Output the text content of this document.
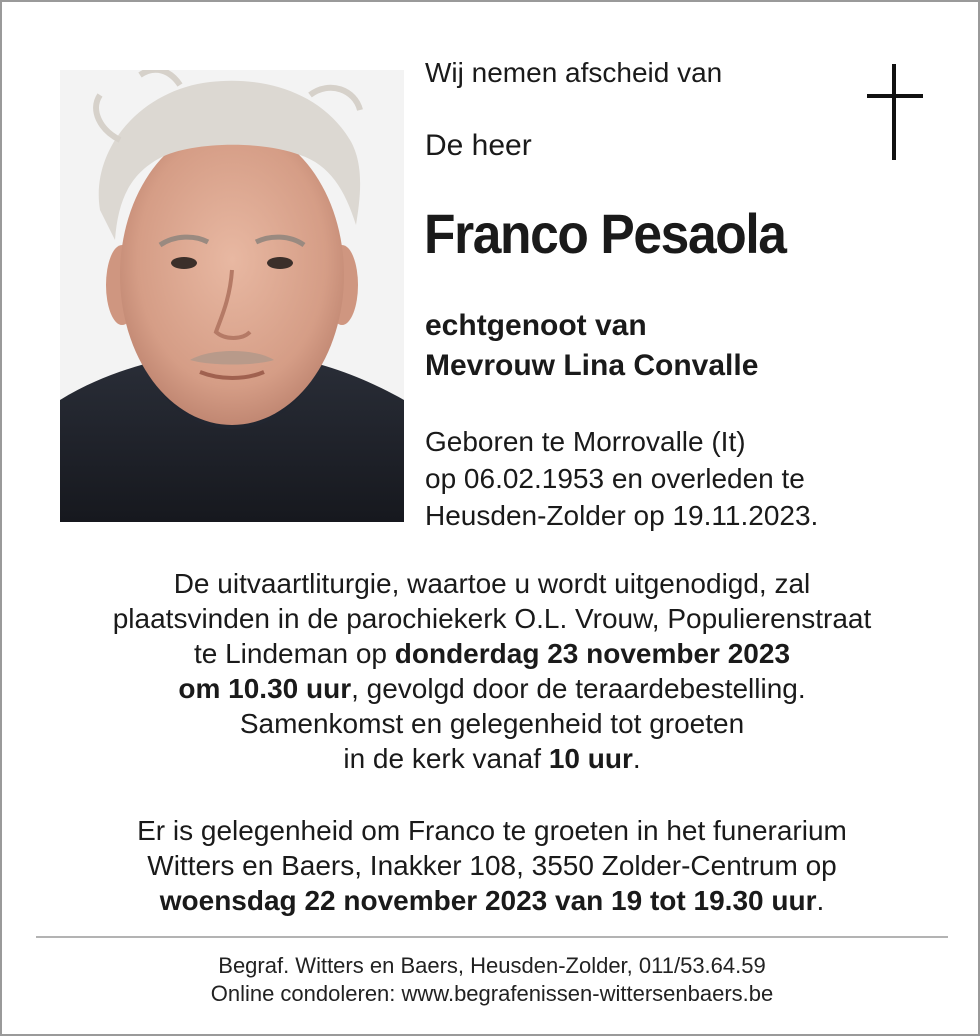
Wij nemen afscheid van
De heer
Franco Pesaola
echtgenoot van
Mevrouw Lina Convalle
Geboren te Morrovalle (It)
op 06.02.1953 en overleden te
Heusden-Zolder op 19.11.2023.
De uitvaartliturgie, waartoe u wordt uitgenodigd, zal
plaatsvinden in de parochiekerk O.L. Vrouw, Populierenstraat
te Lindeman op donderdag 23 november 2023
om 10.30 uur, gevolgd door de teraardebestelling.
Samenkomst en gelegenheid tot groeten
in de kerk vanaf 10 uur.
Er is gelegenheid om Franco te groeten in het funerarium
Witters en Baers, Inakker 108, 3550 Zolder-Centrum op
woensdag 22 november 2023 van 19 tot 19.30 uur.
Begraf. Witters en Baers, Heusden-Zolder, 011/53.64.59
Online condoleren: www.begrafenissen-wittersenbaers.be
